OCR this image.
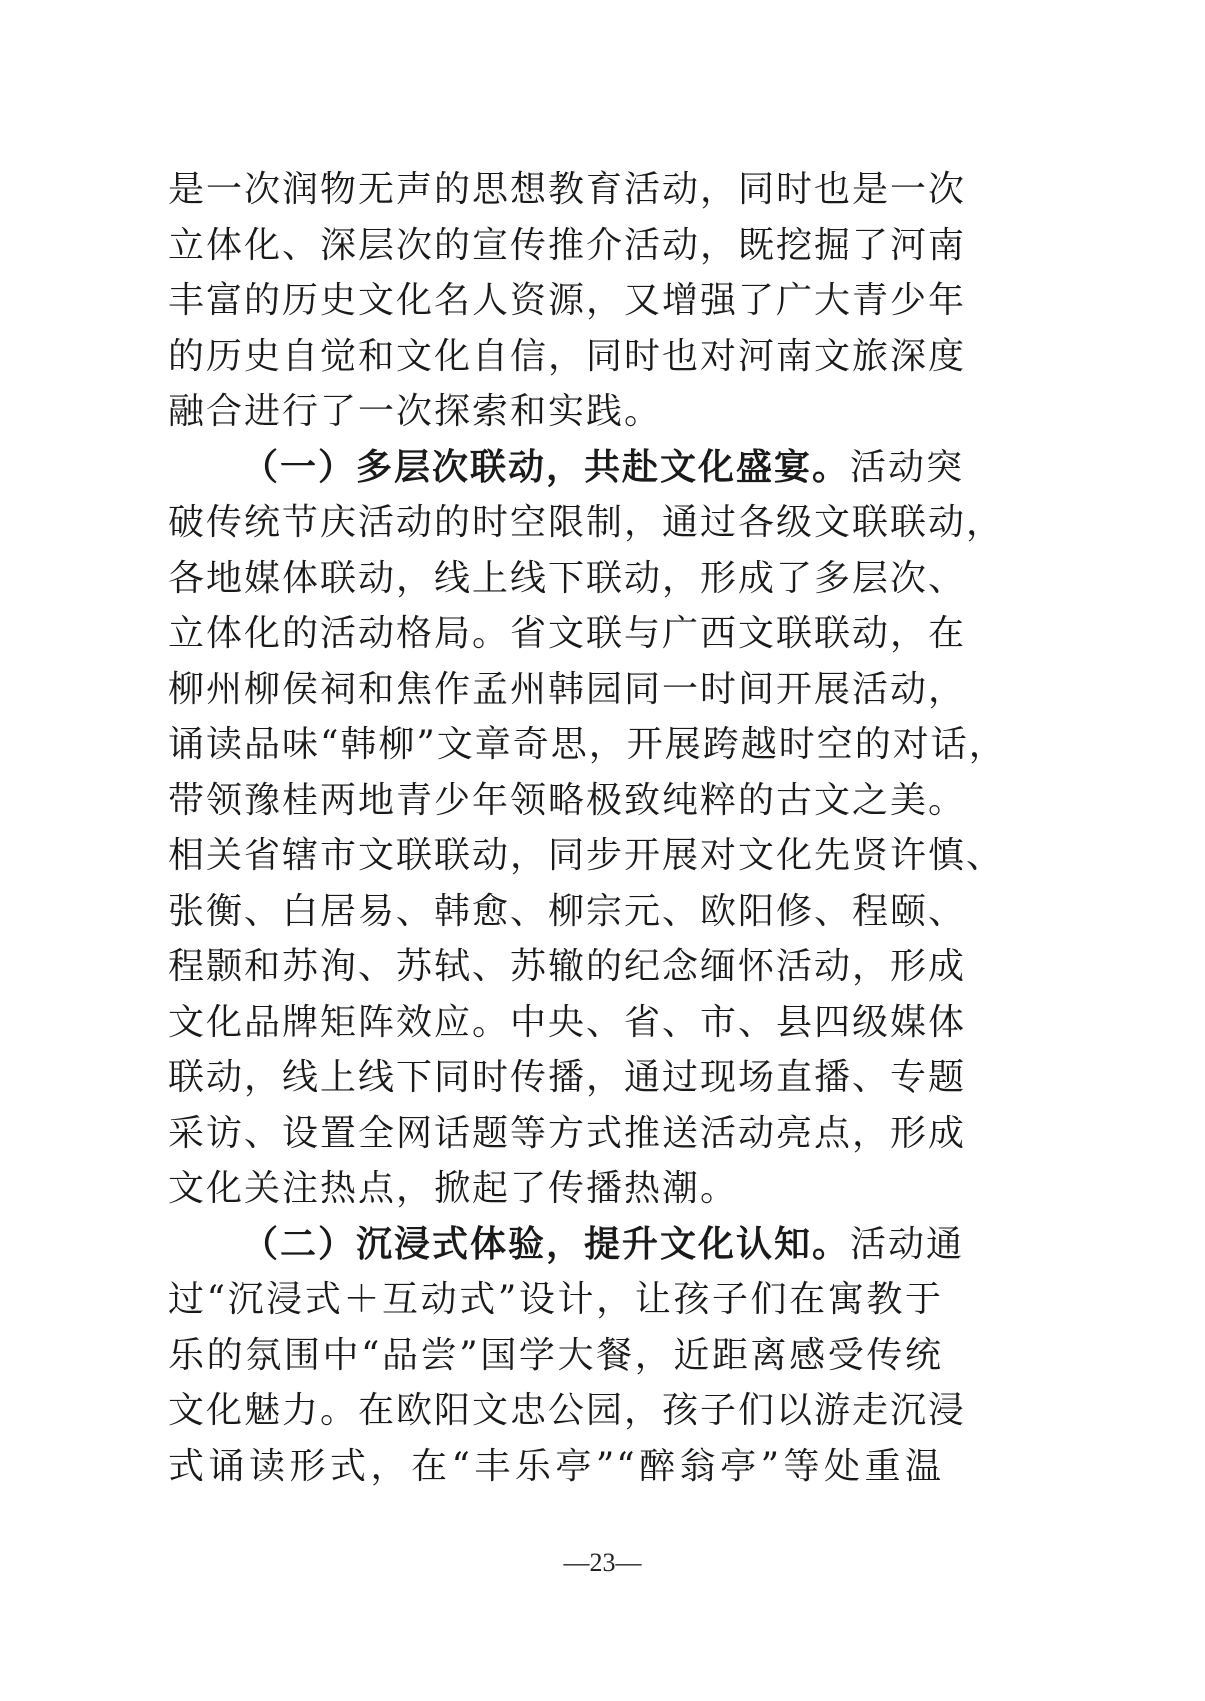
是一次润物无声的思想教育活动，同时也是一次
立体化、深层次的宣传推介活动，既挖掘了河南
丰富的历史文化名人资源，又增强了广大青少年
的历史自觉和文化自信，同时也对河南文旅深度
融合进行了一次探索和实践。

（一）多层次联动，共赴文化盛宴。活动突
破传统节庆活动的时空限制，通过各级文联联动，
各地媒体联动，线上线下联动，形成了多层次、
立体化的活动格局。省文联与广西文联联动，在
柳州柳侯祠和焦作孟州韩园同一时间开展活动，
诵读品味“韩柳”文章奇思，开展跨越时空的对话，
带领豫桂两地青少年领略极致纯粹的古文之美。
相关省辖市文联联动，同步开展对文化先贤许慎、
张衡、白居易、韩愈、柳宗元、欧阳修、程颐、
程颢和苏洵、苏轼、苏辙的纪念缅怀活动，形成
文化品牌矩阵效应。中央、省、市、县四级媒体
联动，线上线下同时传播，通过现场直播、专题
采访、设置全网话题等方式推送活动亮点，形成
文化关注热点，掀起了传播热潮。

（二）沉浸式体验，提升文化认知。活动通
过“沉浸式＋互动式”设计，让孩子们在寓教于
乐的氛围中“品尝”国学大餐，近距离感受传统
文化魅力。在欧阳文忠公园，孩子们以游走沉浸
式诵读形式，在“丰乐亭”“醉翁亭”等处重温

—23—
